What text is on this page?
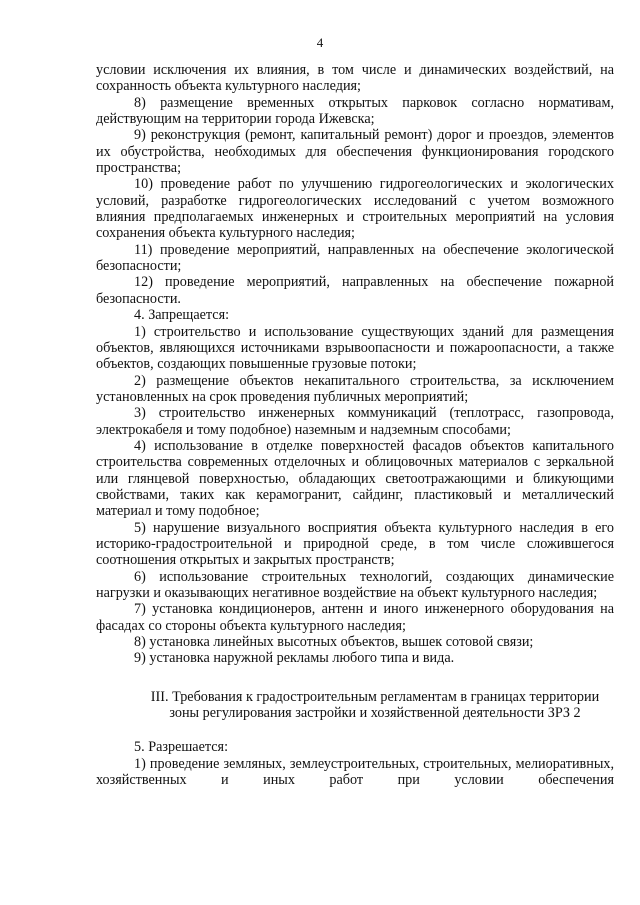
4

условии исключения их влияния, в том числе и динамических воздействий, на сохранность объекта культурного наследия;

8) размещение временных открытых парковок согласно нормативам, действующим на территории города Ижевска;

9) реконструкция (ремонт, капитальный ремонт) дорог и проездов, элементов их обустройства, необходимых для обеспечения функционирования городского пространства;

10) проведение работ по улучшению гидрогеологических и экологических условий, разработке гидрогеологических исследований с учетом возможного влияния предполагаемых инженерных и строительных мероприятий на условия сохранения объекта культурного наследия;

11) проведение мероприятий, направленных на обеспечение экологической безопасности;

12) проведение мероприятий, направленных на обеспечение пожарной безопасности.

4. Запрещается:

1) строительство и использование существующих зданий для размещения объектов, являющихся источниками взрывоопасности и пожароопасности, а также объектов, создающих повышенные грузовые потоки;

2) размещение объектов некапитального строительства, за исключением установленных на срок проведения публичных мероприятий;

3) строительство инженерных коммуникаций (теплотрасс, газопровода, электрокабеля и тому подобное) наземным и надземным способами;

4) использование в отделке поверхностей фасадов объектов капитального строительства современных отделочных и облицовочных материалов с зеркальной или глянцевой поверхностью, обладающих светоотражающими и бликующими свойствами, таких как керамогранит, сайдинг, пластиковый и металлический материал и тому подобное;

5) нарушение визуального восприятия объекта культурного наследия в его историко-градостроительной и природной среде, в том числе сложившегося соотношения открытых и закрытых пространств;

6) использование строительных технологий, создающих динамические нагрузки и оказывающих негативное воздействие на объект культурного наследия;

7) установка кондиционеров, антенн и иного инженерного оборудования на фасадах со стороны объекта культурного наследия;

8) установка линейных высотных объектов, вышек сотовой связи;

9) установка наружной рекламы любого типа и вида.

III. Требования к градостроительным регламентам в границах территории

зоны регулирования застройки и хозяйственной деятельности ЗРЗ 2

5. Разрешается:

1) проведение земляных, землеустроительных, строительных, мелиоративных, хозяйственных и иных работ при условии обеспечения
